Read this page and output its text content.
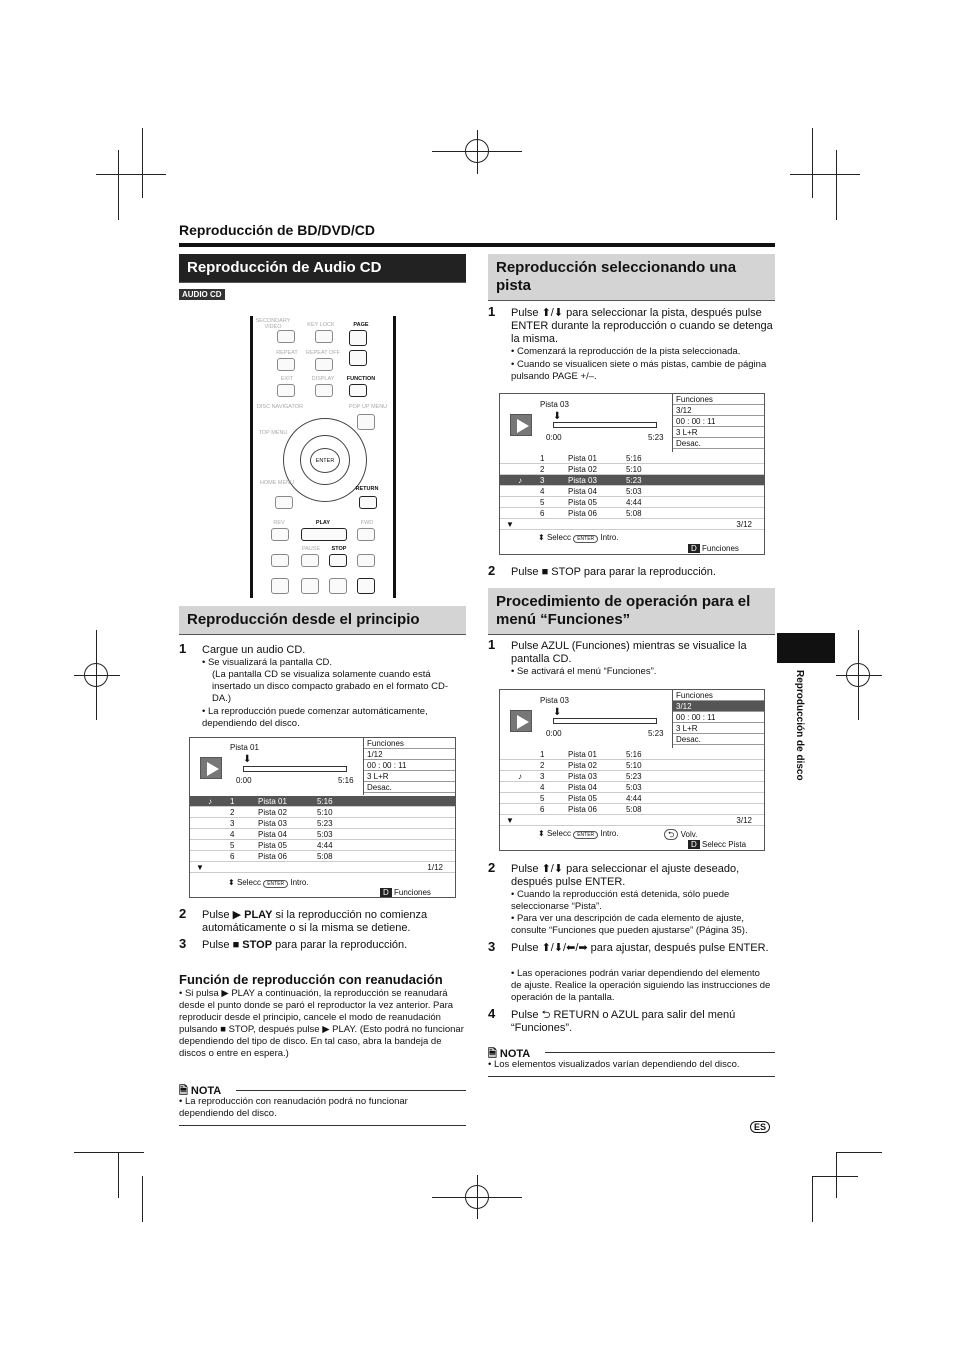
Reproducción de BD/DVD/CD
Reproducción de Audio CD
AUDIO CD
SECONDARY VIDEO	KEY LOCK	PAGE
REPEAT	REPEAT OFF
EXIT	DISPLAY	FUNCTION
DISC NAVIGATOR	POP UP MENU
TOP MENU
ENTER
HOME MENU
RETURN
REV	PLAY	FWD
PAUSE	STOP
Reproducción desde el principio
1 Cargue un audio CD.
• Se visualizará la pantalla CD.
(La pantalla CD se visualiza solamente cuando está insertado un disco compacto grabado en el formato CD-DA.)
• La reproducción puede comenzar automáticamente, dependiendo del disco.
Pista 01
⬇
0:00	5:16
Funciones
1/12
00 : 00 : 11
3 L+R
Desac.
♪ 1	Pista 01	5:16
2	Pista 02	5:10
3	Pista 03	5:23
4	Pista 04	5:03
5	Pista 05	4:44
6	Pista 06	5:08
▼	1/12
⬍ Selecc ENTER Intro.
D Funciones
2 Pulse ▶ PLAY si la reproducción no comienza automáticamente o si la misma se detiene.
3 Pulse ■ STOP para parar la reproducción.
Función de reproducción con reanudación
• Si pulsa ▶ PLAY a continuación, la reproducción se reanudará desde el punto donde se paró el reproductor la vez anterior. Para reproducir desde el principio, cancele el modo de reanudación pulsando ■ STOP, después pulse ▶ PLAY. (Esto podrá no funcionar dependiendo del tipo de disco. En tal caso, abra la bandeja de discos o entre en espera.)
🗎 NOTA
• La reproducción con reanudación podrá no funcionar dependiendo del disco.
Reproducción seleccionando una pista
1 Pulse ⬆/⬇ para seleccionar la pista, después pulse ENTER durante la reproducción o cuando se detenga la misma.
• Comenzará la reproducción de la pista seleccionada.
• Cuando se visualicen siete o más pistas, cambie de página pulsando PAGE +/–.
Pista 03
⬇
0:00	5:23
Funciones
3/12
00 : 00 : 11
3 L+R
Desac.
1	Pista 01	5:16
2	Pista 02	5:10
♪ 3	Pista 03	5:23
4	Pista 04	5:03
5	Pista 05	4:44
6	Pista 06	5:08
▼	3/12
⬍ Selecc ENTER Intro.
D Funciones
2 Pulse ■ STOP para parar la reproducción.
Procedimiento de operación para el menú “Funciones”
1 Pulse AZUL (Funciones) mientras se visualice la pantalla CD.
• Se activará el menú “Funciones”.
Pista 03
⬇
0:00	5:23
Funciones
3/12
00 : 00 : 11
3 L+R
Desac.
1	Pista 01	5:16
2	Pista 02	5:10
♪ 3	Pista 03	5:23
4	Pista 04	5:03
5	Pista 05	4:44
6	Pista 06	5:08
▼	3/12
⬍ Selecc ENTER Intro.	⮌ Volv.
D Selecc Pista
2 Pulse ⬆/⬇ para seleccionar el ajuste deseado, después pulse ENTER.
• Cuando la reproducción está detenida, sólo puede seleccionarse “Pista”.
• Para ver una descripción de cada elemento de ajuste, consulte “Funciones que pueden ajustarse” (Página 35).
3 Pulse ⬆/⬇/⬅/➡ para ajustar, después pulse ENTER.
• Las operaciones podrán variar dependiendo del elemento de ajuste. Realice la operación siguiendo las instrucciones de operación de la pantalla.
4 Pulse ⮌ RETURN o AZUL para salir del menú “Funciones”.
🗎 NOTA
• Los elementos visualizados varían dependiendo del disco.
Reproducción de disco
ES
